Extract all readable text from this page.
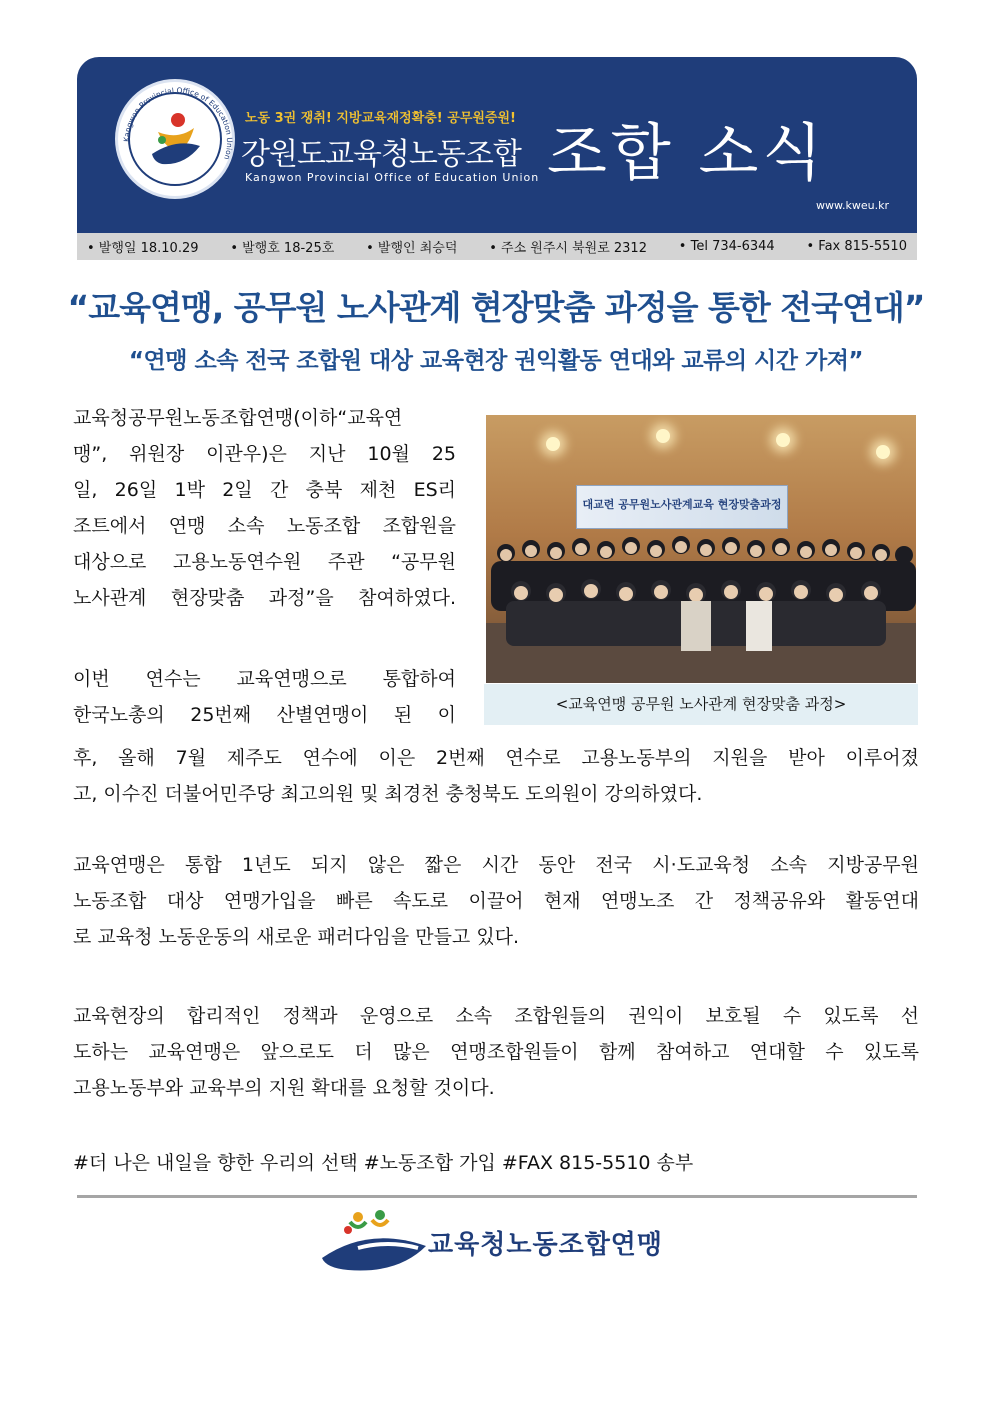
Kangwon Provincial Office of Education Union
노동 3권 쟁취! 지방교육재정확충! 공무원증원!
강원도교육청노동조합
Kangwon Provincial Office of Education Union 조합 소식
www.kweu.kr
• 발행일 18.10.29 • 발행호 18-25호 • 발행인 최승덕 • 주소 원주시 북원로 2312 • Tel 734-6344 • Fax 815-5510
“교육연맹, 공무원 노사관계 현장맞춤 과정을 통한 전국연대”
“연맹 소속 전국 조합원 대상 교육현장 권익활동 연대와 교류의 시간 가져”
대교련 공무원노사관계교육 현장맞춤과정
<교육연맹 공무원 노사관계 현장맞춤 과정>
교육청공무원노동조합연맹(이하“교육연
맹”, 위원장 이관우)은 지난 10월 25
일, 26일 1박 2일 간 충북 제천 ES리
조트에서 연맹 소속 노동조합 조합원을
대상으로 고용노동연수원 주관 “공무원
노사관계 현장맞춤 과정”을 참여하였다.
이번 연수는 교육연맹으로 통합하여
한국노총의 25번째 산별연맹이 된 이
후, 올해 7월 제주도 연수에 이은 2번째 연수로 고용노동부의 지원을 받아 이루어졌
고, 이수진 더불어민주당 최고의원 및 최경천 충청북도 도의원이 강의하였다.
교육연맹은 통합 1년도 되지 않은 짧은 시간 동안 전국 시·도교육청 소속 지방공무원
노동조합 대상 연맹가입을 빠른 속도로 이끌어 현재 연맹노조 간 정책공유와 활동연대
로 교육청 노동운동의 새로운 패러다임을 만들고 있다.
교육현장의 합리적인 정책과 운영으로 소속 조합원들의 권익이 보호될 수 있도록 선
도하는 교육연맹은 앞으로도 더 많은 연맹조합원들이 함께 참여하고 연대할 수 있도록
고용노동부와 교육부의 지원 확대를 요청할 것이다.
#더 나은 내일을 향한 우리의 선택 #노동조합 가입 #FAX 815-5510 송부
교육청노동조합연맹
